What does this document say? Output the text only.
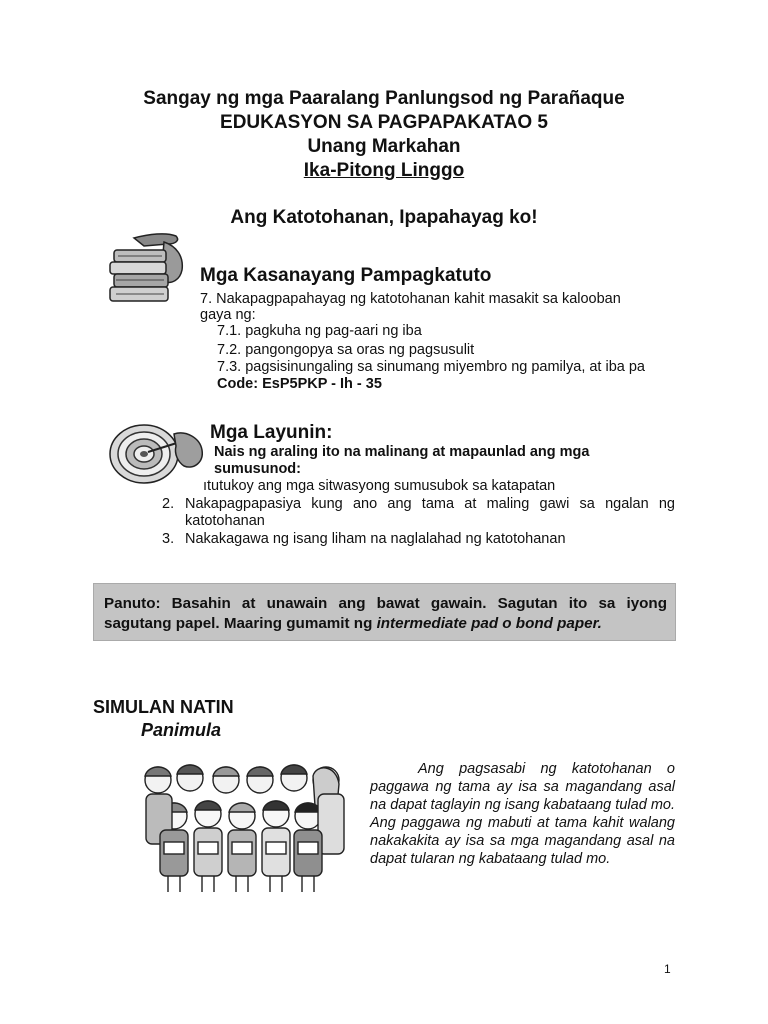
Sangay ng mga Paaralang Panlungsod ng Parañaque
EDUKASYON SA PAGPAPAKATAO 5
Unang Markahan
Ika-Pitong Linggo
Ang Katotohanan, Ipapahayag ko!
Mga Kasanayang Pampagkatuto
7. Nakapagpapahayag ng katotohanan kahit masakit sa kalooban
gaya ng:
7.1. pagkuha ng pag-aari ng iba
7.2. pangongopya sa oras ng pagsusulit
7.3. pagsisinungaling sa sinumang miyembro ng pamilya, at iba pa
Code: EsP5PKP - Ih - 35
Mga Layunin:
Nais ng araling ito na malinang at mapaunlad ang mga
sumusunod:
ıtutukoy ang mga sitwasyong sumusubok sa katapatan
2. Nakapagpapasiya kung ano ang tama at maling gawi sa ngalan ng
katotohanan
3. Nakakagawa ng isang liham na naglalahad ng katotohanan
Panuto: Basahin at unawain ang bawat gawain. Sagutan ito sa iyong
sagutang papel. Maaring gumamit ng intermediate pad o bond paper.
SIMULAN NATIN
Panimula
Ang pagsasabi ng katotohanan o paggawa ng tama ay isa sa magandang asal na dapat taglayin ng isang kabataang tulad mo. Ang paggawa ng mabuti at tama kahit walang nakakakita ay isa sa mga magandang asal na dapat tularan ng kabataang tulad mo.
1
